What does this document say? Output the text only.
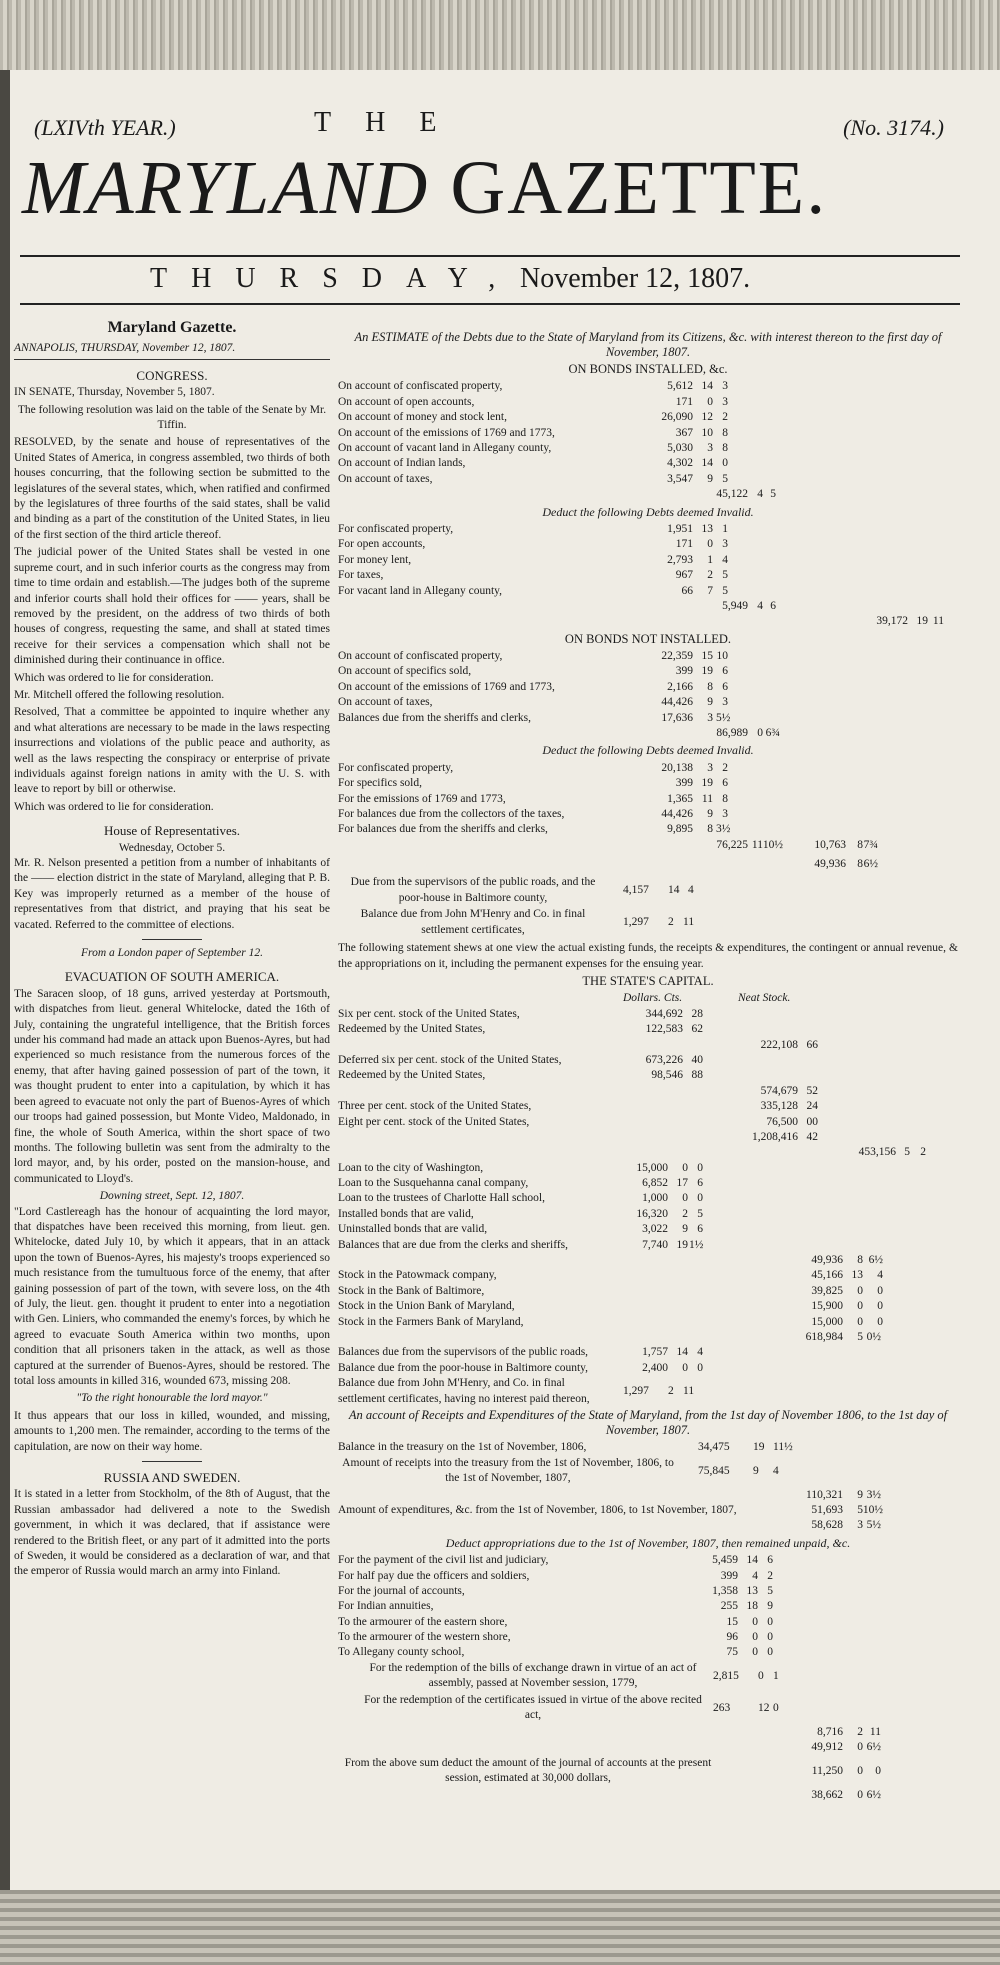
(LXIVth YEAR.)	THE	(No. 3174.)
MARYLAND GAZETTE.
THURSDAY, November 12, 1807.
Maryland Gazette.
ANNAPOLIS, THURSDAY, November 12, 1807.
CONGRESS.

IN SENATE, Thursday, November 5, 1807.

The following resolution was laid on the table of the Senate by Mr. Tiffin.

RESOLVED, by the senate and house of representatives of the United States of America, in congress assembled, two thirds of both houses concurring, that the following section be submitted to the legislatures of the several states, which, when ratified and confirmed by the legislatures of three fourths of the said states, shall be valid and binding as a part of the constitution of the United States, in lieu of the first section of the third article thereof.

The judicial power of the United States shall be vested in one supreme court, and in such inferior courts as the congress may from time to time ordain and establish.—The judges both of the supreme and inferior courts shall hold their offices for —— years, shall be removed by the president, on the address of two thirds of both houses of congress, requesting the same, and shall at stated times receive for their services a compensation which shall not be diminished during their continuance in office.

Which was ordered to lie for consideration.

Mr. Mitchell offered the following resolution.

Resolved, That a committee be appointed to inquire whether any and what alterations are necessary to be made in the laws respecting insurrections and violations of the public peace and authority, as well as the laws respecting the conspiracy or enterprise of private individuals against foreign nations in amity with the U. S. with leave to report by bill or otherwise.

Which was ordered to lie for consideration.

House of Representatives.
Wednesday, October 5.

Mr. R. Nelson presented a petition from a number of inhabitants of the —— election district in the state of Maryland, alleging that P. B. Key was improperly returned as a member of the house of representatives from that district, and praying that his seat be vacated. Referred to the committee of elections.

From a London paper of September 12.
EVACUATION OF SOUTH AMERICA.

The Saracen sloop, of 18 guns, arrived yesterday at Portsmouth, with dispatches from lieut. general Whitelocke, dated the 16th of July, containing the ungrateful intelligence, that the British forces under his command had made an attack upon Buenos-Ayres, but had experienced so much resistance from the numerous forces of the enemy, that after having gained possession of part of the town, it was thought prudent to enter into a capitulation, by which it has been agreed to evacuate not only the part of Buenos-Ayres of which our troops had gained possession, but Monte Video, Maldonado, in fine, the whole of South America, within the short space of two months. The following bulletin was sent from the admiralty to the lord mayor, and, by his order, posted on the mansion-house, and communicated to Lloyd's.

Downing street, Sept. 12, 1807.

"Lord Castlereagh has the honour of acquainting the lord mayor, that dispatches have been received this morning, from lieut. gen. Whitelocke, dated July 10, by which it appears, that in an attack upon the town of Buenos-Ayres, his majesty's troops experienced so much resistance from the tumultuous force of the enemy, that after gaining possession of part of the town, with severe loss, on the 4th of July, the lieut. gen. thought it prudent to enter into a negotiation with Gen. Liniers, who commanded the enemy's forces, by which he agreed to evacuate South America within two months, upon condition that all prisoners taken in the attack, as well as those captured at the surrender of Buenos-Ayres, should be restored. The total loss amounts in killed 316, wounded 673, missing 208.

"To the right honourable the lord mayor."

It thus appears that our loss in killed, wounded, and missing, amounts to 1,200 men. The remainder, according to the terms of the capitulation, are now on their way home.

RUSSIA AND SWEDEN.

It is stated in a letter from Stockholm, of the 8th of August, that the Russian ambassador had delivered a note to the Swedish government, in which it was declared, that if assistance were rendered to the British fleet, or any part of it admitted into the ports of Sweden, it would be considered as a declaration of war, and that the emperor of Russia would march an army into Finland.

An ESTIMATE of the Debts due to the State of Maryland from its Citizens, &c. with interest thereon to the first day of November, 1807.
ON BONDS INSTALLED, &c.
On account of confiscated property,	5,612 14 3
On account of open accounts,	171	0 3
On account of money and stock lent,	26,090 12 2
On account of the emissions of 1769 and 1773,	367 10 8
On account of vacant land in Allegany county,	5,030	3 8
On account of Indian lands,	4,302 14 0
On account of taxes,	3,547	9 5
45,122 4 5
Deduct the following Debts deemed Invalid.
For confiscated property,	1,951 13 1
For open accounts,	171	0 3
For money lent,	2,793	1 4
For taxes,	967	2 5
For vacant land in Allegany county,	66	7 5
5,949 4 6
39,172 19 11
ON BONDS NOT INSTALLED.
On account of confiscated property,	22,359 15 10
On account of specifics sold,	399 19 6
On account of the emissions of 1769 and 1773,	2,166	8 6
On account of taxes,	44,426	9 3
Balances due from the sheriffs and clerks,	17,636	3 5½
86,989 0 6¾
Deduct the following Debts deemed Invalid.
For confiscated property,	20,138	3 2
For specifics sold,	399 19 6
For the emissions of 1769 and 1773,	1,365 11 8
For balances due from the collectors of the taxes,	44,426	9 3
For balances due from the sheriffs and clerks,	9,895	8 3½
76,225 11 10½	10,763 8 7¾
49,936 8 6½
Due from the supervisors of the public roads, and the poor-house in Baltimore county,
4,157 14 4
Balance due from John M'Henry and Co. in final settlement certificates,
1,297 2 11
The following statement shews at one view the actual existing funds, the receipts & expenditures, the contingent or annual revenue, & the appropriations on it, including the permanent expenses for the ensuing year.
THE STATE'S CAPITAL.
Dollars. Cts.	Neat Stock.
Six per cent. stock of the United States,	344,692 28
Redeemed by the United States,	122,583 62
222,108 66
Deferred six per cent. stock of the United States,	673,226 40
Redeemed by the United States,	98,546 88
574,679 52
Three per cent. stock of the United States,	335,128 24
Eight per cent. stock of the United States,	76,500 00
1,208,416 42
453,156 5 2
Loan to the city of Washington,	15,000	0 0
Loan to the Susquehanna canal company,	6,852 17 6
Loan to the trustees of Charlotte Hall school,	1,000	0 0
Installed bonds that are valid,	16,320	2 5
Uninstalled bonds that are valid,	3,022	9 6
Balances that are due from the clerks and sheriffs,	7,740 19 1½
49,936	8 6½
Stock in the Patowmack company,	45,166 13	4
Stock in the Bank of Baltimore,	39,825	0	0
Stock in the Union Bank of Maryland,	15,900	0	0
Stock in the Farmers Bank of Maryland,	15,000	0	0
618,984 5 0½
Balances due from the supervisors of the public roads,	1,757 14 4
Balance due from the poor-house in Baltimore county,	2,400	0 0
Balance due from John M'Henry, and Co. in final settlement certificates, having no interest paid thereon,
1,297 2 11
An account of Receipts and Expenditures of the State of Maryland, from the 1st day of November 1806, to the 1st day of November, 1807.
Balance in the treasury on the 1st of November, 1806,	34,475 19 11½
Amount of receipts into the treasury from the 1st of November, 1806, to the 1st of November, 1807,
75,845 9 4
110,321 9 3½
Amount of expenditures, &c. from the 1st of November, 1806, to 1st November, 1807,	51,693 5 10½
58,628 3 5½
Deduct appropriations due to the 1st of November, 1807, then remained unpaid, &c.
For the payment of the civil list and judiciary,	5,459 14 6
For half pay due the officers and soldiers,	399	4 2
For the journal of accounts,	1,358 13 5
For Indian annuities,	255 18 9
To the armourer of the eastern shore,	15	0 0
To the armourer of the western shore,	96	0 0
To Allegany county school,	75	0 0
For the redemption of the bills of exchange drawn in virtue of an act of assembly, passed at November session, 1779,
2,815 0 1
For the redemption of the certificates issued in virtue of the above recited act,
263 12 0
8,716 2 11
49,912 0 6½
From the above sum deduct the amount of the journal of accounts at the present session, estimated at 30,000 dollars,
11,250 0 0
38,662 0 6½
